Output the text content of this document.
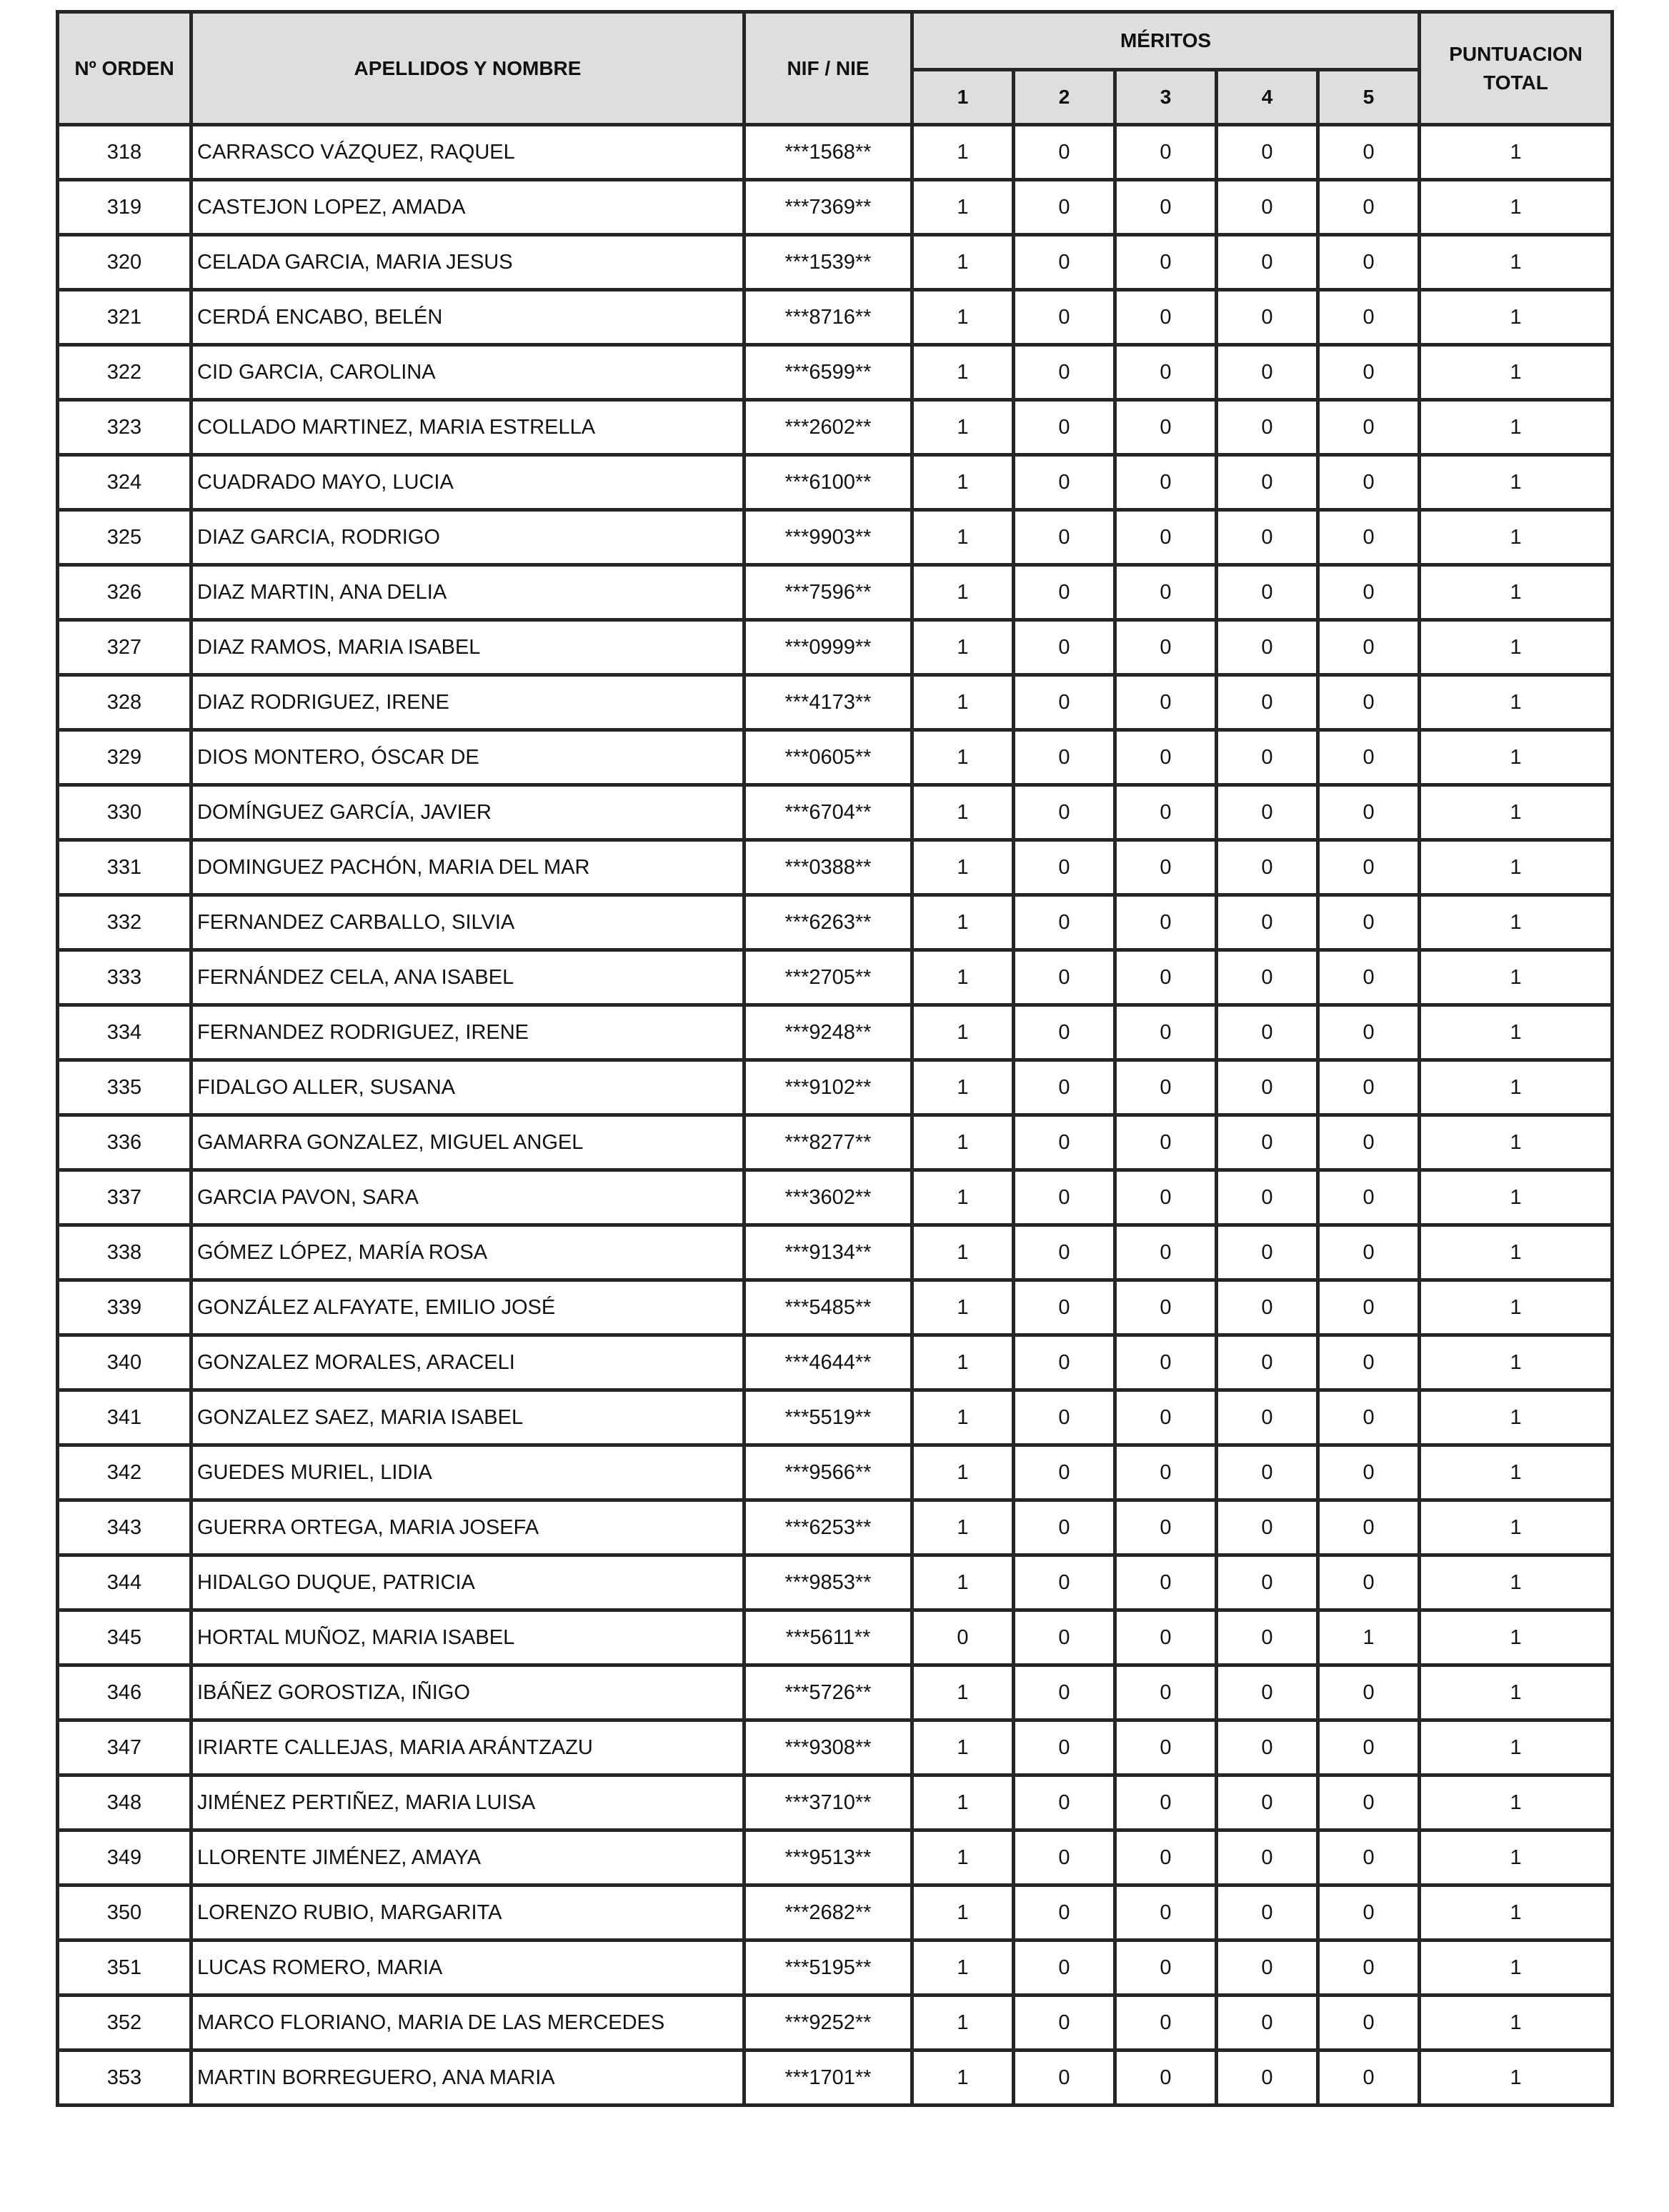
Nº ORDEN	APELLIDOS Y NOMBRE	NIF / NIE	MÉRITOS					PUNTUACION
TOTAL
			1	2	3	4	5	
318	CARRASCO VÁZQUEZ, RAQUEL	***1568**	1	0	0	0	0	1
319	CASTEJON LOPEZ, AMADA	***7369**	1	0	0	0	0	1
320	CELADA GARCIA, MARIA JESUS	***1539**	1	0	0	0	0	1
321	CERDÁ ENCABO, BELÉN	***8716**	1	0	0	0	0	1
322	CID GARCIA, CAROLINA	***6599**	1	0	0	0	0	1
323	COLLADO MARTINEZ, MARIA ESTRELLA	***2602**	1	0	0	0	0	1
324	CUADRADO MAYO, LUCIA	***6100**	1	0	0	0	0	1
325	DIAZ GARCIA, RODRIGO	***9903**	1	0	0	0	0	1
326	DIAZ MARTIN, ANA DELIA	***7596**	1	0	0	0	0	1
327	DIAZ RAMOS, MARIA ISABEL	***0999**	1	0	0	0	0	1
328	DIAZ RODRIGUEZ, IRENE	***4173**	1	0	0	0	0	1
329	DIOS MONTERO, ÓSCAR DE	***0605**	1	0	0	0	0	1
330	DOMÍNGUEZ GARCÍA, JAVIER	***6704**	1	0	0	0	0	1
331	DOMINGUEZ PACHÓN, MARIA DEL MAR	***0388**	1	0	0	0	0	1
332	FERNANDEZ CARBALLO, SILVIA	***6263**	1	0	0	0	0	1
333	FERNÁNDEZ CELA, ANA ISABEL	***2705**	1	0	0	0	0	1
334	FERNANDEZ RODRIGUEZ, IRENE	***9248**	1	0	0	0	0	1
335	FIDALGO ALLER, SUSANA	***9102**	1	0	0	0	0	1
336	GAMARRA GONZALEZ, MIGUEL ANGEL	***8277**	1	0	0	0	0	1
337	GARCIA PAVON, SARA	***3602**	1	0	0	0	0	1
338	GÓMEZ LÓPEZ, MARÍA ROSA	***9134**	1	0	0	0	0	1
339	GONZÁLEZ ALFAYATE, EMILIO JOSÉ	***5485**	1	0	0	0	0	1
340	GONZALEZ MORALES, ARACELI	***4644**	1	0	0	0	0	1
341	GONZALEZ SAEZ, MARIA ISABEL	***5519**	1	0	0	0	0	1
342	GUEDES MURIEL, LIDIA	***9566**	1	0	0	0	0	1
343	GUERRA ORTEGA, MARIA JOSEFA	***6253**	1	0	0	0	0	1
344	HIDALGO DUQUE, PATRICIA	***9853**	1	0	0	0	0	1
345	HORTAL MUÑOZ, MARIA ISABEL	***5611**	0	0	0	0	1	1
346	IBÁÑEZ GOROSTIZA, IÑIGO	***5726**	1	0	0	0	0	1
347	IRIARTE CALLEJAS, MARIA ARÁNTZAZU	***9308**	1	0	0	0	0	1
348	JIMÉNEZ PERTIÑEZ, MARIA LUISA	***3710**	1	0	0	0	0	1
349	LLORENTE JIMÉNEZ, AMAYA	***9513**	1	0	0	0	0	1
350	LORENZO RUBIO, MARGARITA	***2682**	1	0	0	0	0	1
351	LUCAS ROMERO, MARIA	***5195**	1	0	0	0	0	1
352	MARCO FLORIANO, MARIA DE LAS MERCEDES	***9252**	1	0	0	0	0	1
353	MARTIN BORREGUERO, ANA MARIA	***1701**	1	0	0	0	0	1
